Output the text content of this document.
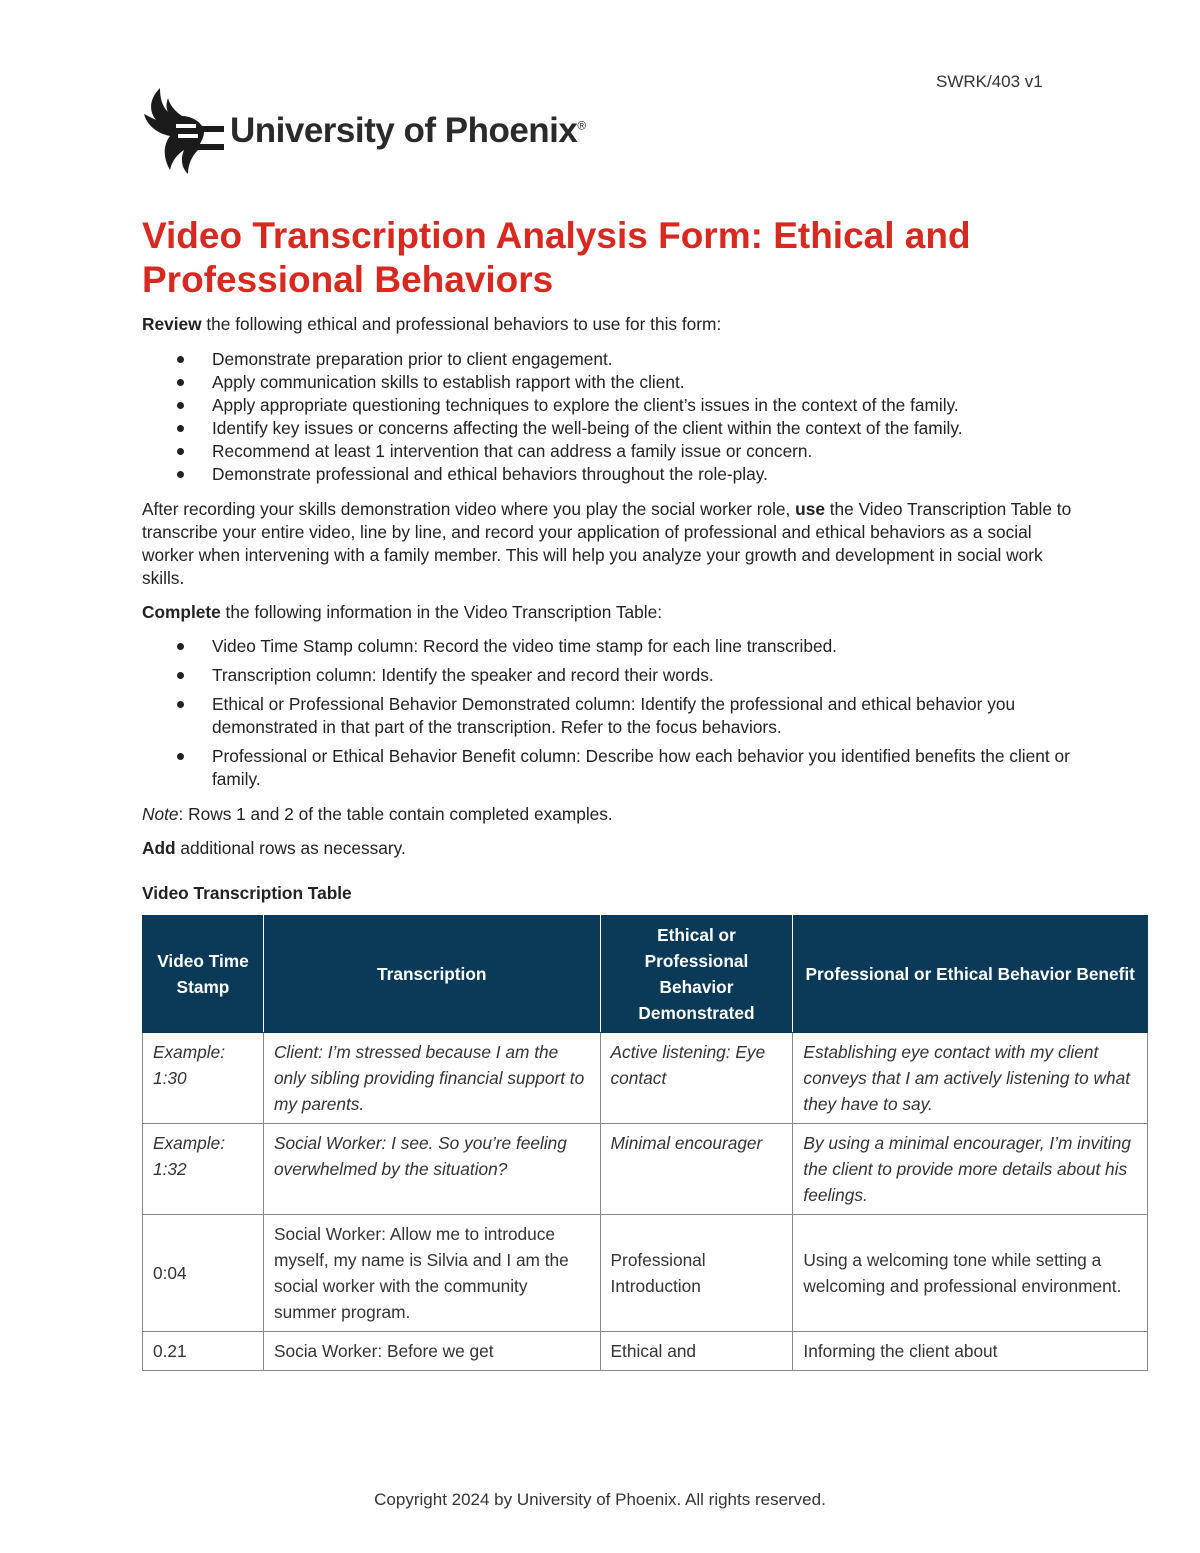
SWRK/403 v1
University of Phoenix®
Video Transcription Analysis Form: Ethical and Professional Behaviors

Review the following ethical and professional behaviors to use for this form:

Demonstrate preparation prior to client engagement.
Apply communication skills to establish rapport with the client.
Apply appropriate questioning techniques to explore the client’s issues in the context of the family.
Identify key issues or concerns affecting the well-being of the client within the context of the family.
Recommend at least 1 intervention that can address a family issue or concern.
Demonstrate professional and ethical behaviors throughout the role-play.

After recording your skills demonstration video where you play the social worker role, use the Video Transcription Table to transcribe your entire video, line by line, and record your application of professional and ethical behaviors as a social worker when intervening with a family member. This will help you analyze your growth and development in social work skills.

Complete the following information in the Video Transcription Table:

Video Time Stamp column: Record the video time stamp for each line transcribed.
Transcription column: Identify the speaker and record their words.
Ethical or Professional Behavior Demonstrated column: Identify the professional and ethical behavior you demonstrated in that part of the transcription. Refer to the focus behaviors.
Professional or Ethical Behavior Benefit column: Describe how each behavior you identified benefits the client or family.

Note: Rows 1 and 2 of the table contain completed examples.

Add additional rows as necessary.

Video Transcription Table

Video Time Stamp	Transcription	Ethical or Professional Behavior Demonstrated	Professional or Ethical Behavior Benefit
Example: 1:30	Client: I’m stressed because I am the only sibling providing financial support to my parents.	Active listening: Eye contact	Establishing eye contact with my client conveys that I am actively listening to what they have to say.
Example: 1:32	Social Worker: I see. So you’re feeling overwhelmed by the situation?	Minimal encourager	By using a minimal encourager, I’m inviting the client to provide more details about his feelings.
0:04	Social Worker: Allow me to introduce myself, my name is Silvia and I am the social worker with the community summer program.	Professional Introduction	Using a welcoming tone while setting a welcoming and professional environment.
0.21	Socia Worker: Before we get	Ethical and	Informing the client about
Copyright 2024 by University of Phoenix. All rights reserved.
